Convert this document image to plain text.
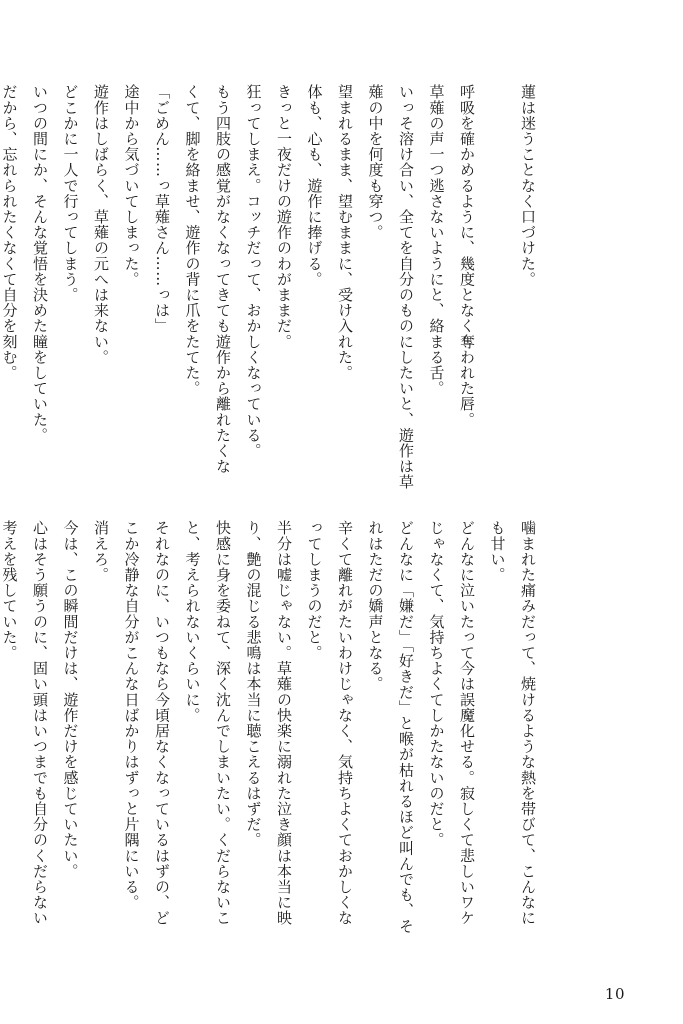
蓮は迷うことなく口づけた。

呼吸を確かめるように、幾度となく奪われた唇。
草薙の声一つ逃さないようにと、絡まる舌。
いっそ溶け合い、全てを自分のものにしたいと、遊作は草
薙の中を何度も穿つ。
望まれるまま、望むままに、受け入れた。
体も、心も、遊作に捧げる。
きっと一夜だけの遊作のわがままだ。
狂ってしまえ。コッチだって、おかしくなっている。
もう四肢の感覚がなくなってきても遊作から離れたくな
くて、脚を絡ませ、遊作の背に爪をたてた。
「ごめん……っ草薙さん……っは」
途中から気づいてしまった。
遊作はしばらく、草薙の元へは来ない。
どこかに一人で行ってしまう。
いつの間にか、そんな覚悟を決めた瞳をしていた。
だから、忘れられたくなくて自分を刻む。
噛まれた痛みだって、焼けるような熱を帯びて、こんなに
も甘い。
どんなに泣いたって今は誤魔化せる。寂しくて悲しいワケ
じゃなくて、気持ちよくてしかたないのだと。
どんなに「嫌だ」「好きだ」と喉が枯れるほど叫んでも、そ
れはただの嬌声となる。
辛くて離れがたいわけじゃなく、気持ちよくておかしくな
ってしまうのだと。
半分は嘘じゃない。草薙の快楽に溺れた泣き顔は本当に映
り、艶の混じる悲鳴は本当に聴こえるはずだ。
快感に身を委ねて、深く沈んでしまいたい。くだらないこ
と、考えられないくらいに。
それなのに、いつもなら今頃居なくなっているはずの、ど
こか冷静な自分がこんな日ばかりはずっと片隅にいる。
消えろ。
今は、この瞬間だけは、遊作だけを感じていたい。
心はそう願うのに、固い頭はいつまでも自分のくだらない
考えを残していた。

10
